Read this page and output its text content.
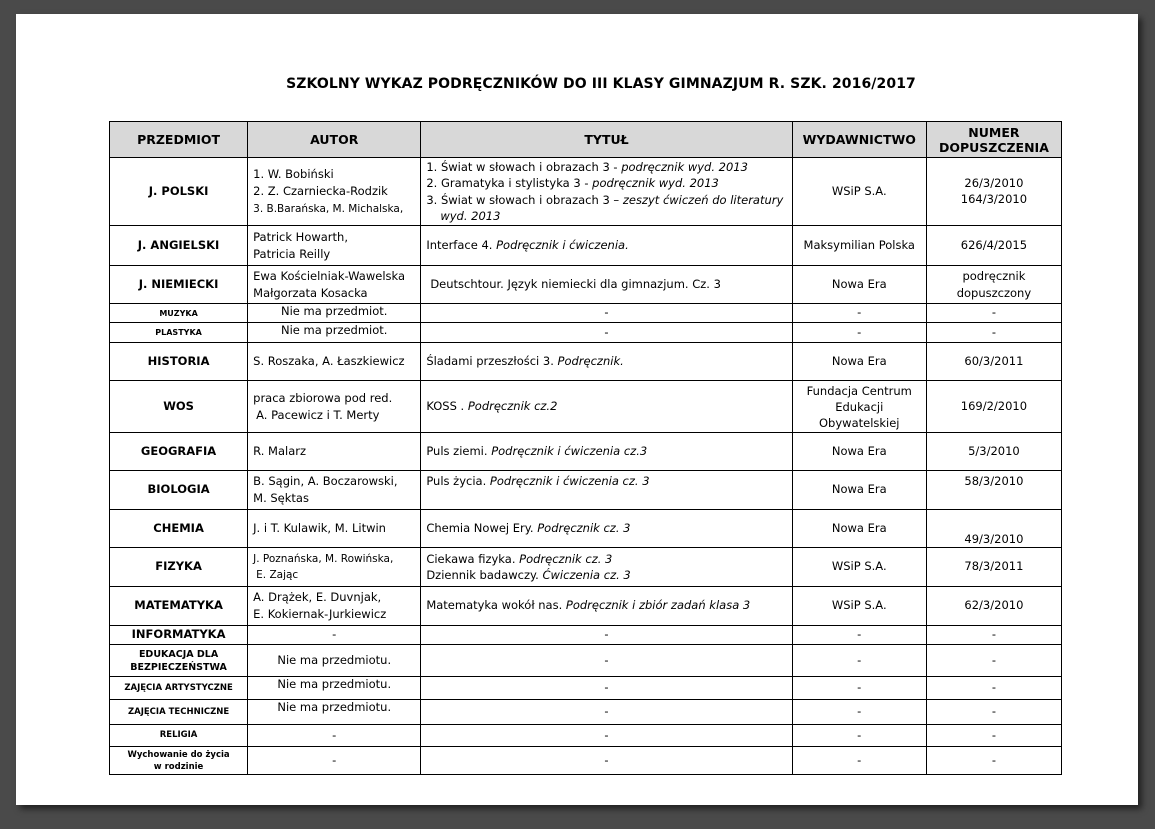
SZKOLNY WYKAZ PODRĘCZNIKÓW DO III KLASY GIMNAZJUM R. SZK. 2016/2017
PRZEDMIOT	AUTOR	TYTUŁ	WYDAWNICTWO	NUMER
DOPUSZCZENIA
J. POLSKI	1. W. Bobiński
2. Z. Czarniecka-Rodzik
3. B.Barańska, M. Michalska,	1. Świat w słowach i obrazach 3 - podręcznik wyd. 2013
2. Gramatyka i stylistyka 3 - podręcznik wyd. 2013
3. Świat w słowach i obrazach 3 – zeszyt ćwiczeń do literatury
wyd. 2013	WSiP S.A.	26/3/2010
164/3/2010
J. ANGIELSKI	Patrick Howarth,
Patricia Reilly	Interface 4. Podręcznik i ćwiczenia.	Maksymilian Polska	626/4/2015
J. NIEMIECKI	Ewa Kościelniak-Wawelska
Małgorzata Kosacka	Deutschtour. Język niemiecki dla gimnazjum. Cz. 3	Nowa Era	podręcznik
dopuszczony
MUZYKA	Nie ma przedmiot.	-	-	-
PLASTYKA	Nie ma przedmiot.	-	-	-
HISTORIA	S. Roszaka, A. Łaszkiewicz	Śladami przeszłości 3. Podręcznik.	Nowa Era	60/3/2011
WOS	praca zbiorowa pod red.
A. Pacewicz i T. Merty	KOSS . Podręcznik cz.2	Fundacja Centrum
Edukacji
Obywatelskiej	169/2/2010
GEOGRAFIA	R. Malarz	Puls ziemi. Podręcznik i ćwiczenia cz.3	Nowa Era	5/3/2010
BIOLOGIA	B. Sągin, A. Boczarowski,
M. Sęktas	Puls życia. Podręcznik i ćwiczenia cz. 3	Nowa Era	58/3/2010
CHEMIA	J. i T. Kulawik, M. Litwin	Chemia Nowej Ery. Podręcznik cz. 3	Nowa Era	49/3/2010
FIZYKA	J. Poznańska, M. Rowińska,
E. Zając	Ciekawa fizyka. Podręcznik cz. 3
Dziennik badawczy. Ćwiczenia cz. 3	WSiP S.A.	78/3/2011
MATEMATYKA	A. Drążek, E. Duvnjak,
E. Kokiernak-Jurkiewicz	Matematyka wokół nas. Podręcznik i zbiór zadań klasa 3	WSiP S.A.	62/3/2010
INFORMATYKA	-	-	-	-
EDUKACJA DLA
BEZPIECZEŃSTWA	Nie ma przedmiotu.	-	-	-
ZAJĘCIA ARTYSTYCZNE	Nie ma przedmiotu.	-	-	-
ZAJĘCIA TECHNICZNE	Nie ma przedmiotu.	-	-	-
RELIGIA	-	-	-	-
Wychowanie do życia
w rodzinie	-	-	-	-
